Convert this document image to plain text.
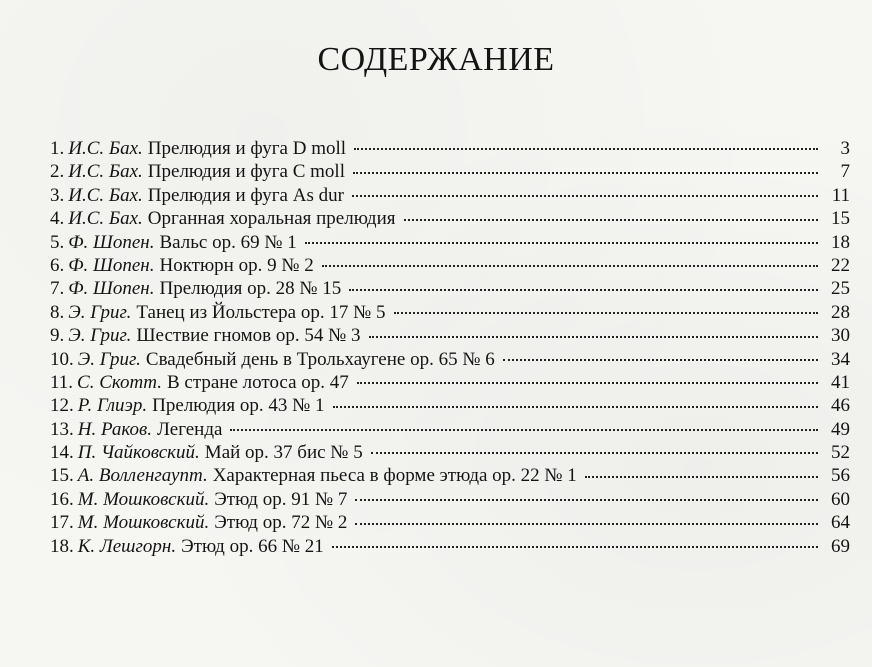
СОДЕРЖАНИЕ
1. И.С. Бах. Прелюдия и фуга D moll	3
2. И.С. Бах. Прелюдия и фуга C moll	7
3. И.С. Бах. Прелюдия и фуга As dur	11
4. И.С. Бах. Органная хоральная прелюдия	15
5. Ф. Шопен. Вальс ор. 69 № 1	18
6. Ф. Шопен. Ноктюрн ор. 9 № 2	22
7. Ф. Шопен. Прелюдия ор. 28 № 15	25
8. Э. Григ. Танец из Йольстера ор. 17 № 5	28
9. Э. Григ. Шествие гномов ор. 54 № 3	30
10. Э. Григ. Свадебный день в Трольхаугене ор. 65 № 6	34
11. С. Скотт. В стране лотоса ор. 47	41
12. Р. Глиэр. Прелюдия ор. 43 № 1	46
13. Н. Раков. Легенда	49
14. П. Чайковский. Май ор. 37 бис № 5	52
15. А. Волленгаупт. Характерная пьеса в форме этюда ор. 22 № 1	56
16. М. Мошковский. Этюд ор. 91 № 7	60
17. М. Мошковский. Этюд ор. 72 № 2	64
18. К. Лешгорн. Этюд ор. 66 № 21	69
